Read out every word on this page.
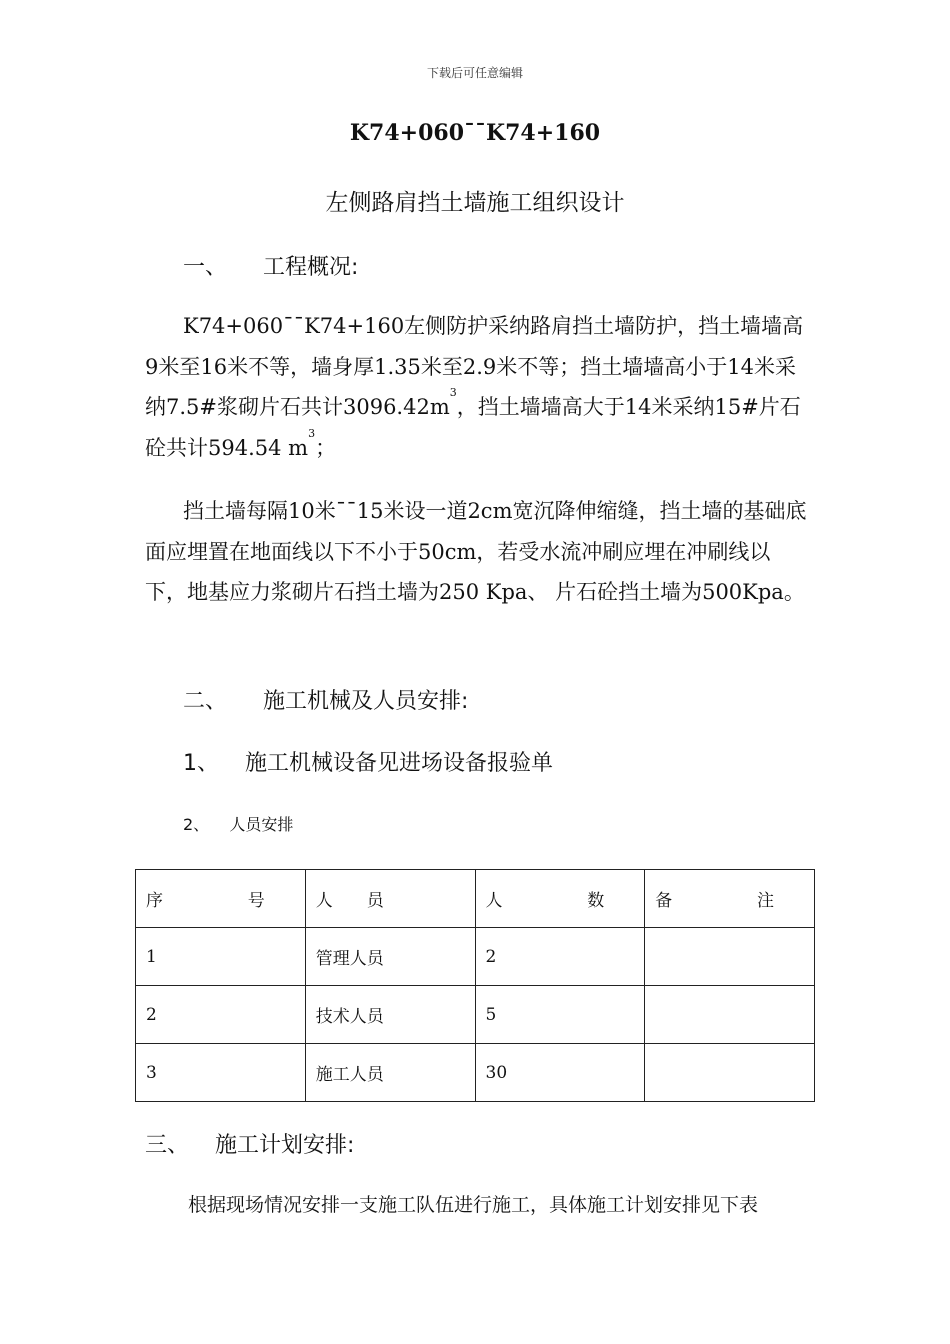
下载后可任意编辑
K74+060¯¯K74+160
左侧路肩挡土墙施工组织设计
一、 工程概况:
K74+060¯¯K74+160左侧防护采纳路肩挡土墙防护，挡土墙墙高9米至16米不等，墙身厚1.35米至2.9米不等；挡土墙墙高小于14米采纳7.5#浆砌片石共计$3096.42m^3$，挡土墙墙高大于14米采纳15#片石砼共计594.54 $m^3$；
挡土墙每隔10米¯¯15米设一道2cm宽沉降伸缩缝，挡土墙的基础底面应埋置在地面线以下不小于50cm，若受水流冲刷应埋在冲刷线以下，地基应力浆砌片石挡土墙为250 Kpa、 片石砼挡土墙为500Kpa。
二、 施工机械及人员安排:
1、 施工机械设备见进场设备报验单
2、 人员安排
序 号	人 员	人 数	备 注

1	管理人员	2	
2	技术人员	5	
3	施工人员	30	
三、 施工计划安排:
根据现场情况安排一支施工队伍进行施工，具体施工计划安排见下表
